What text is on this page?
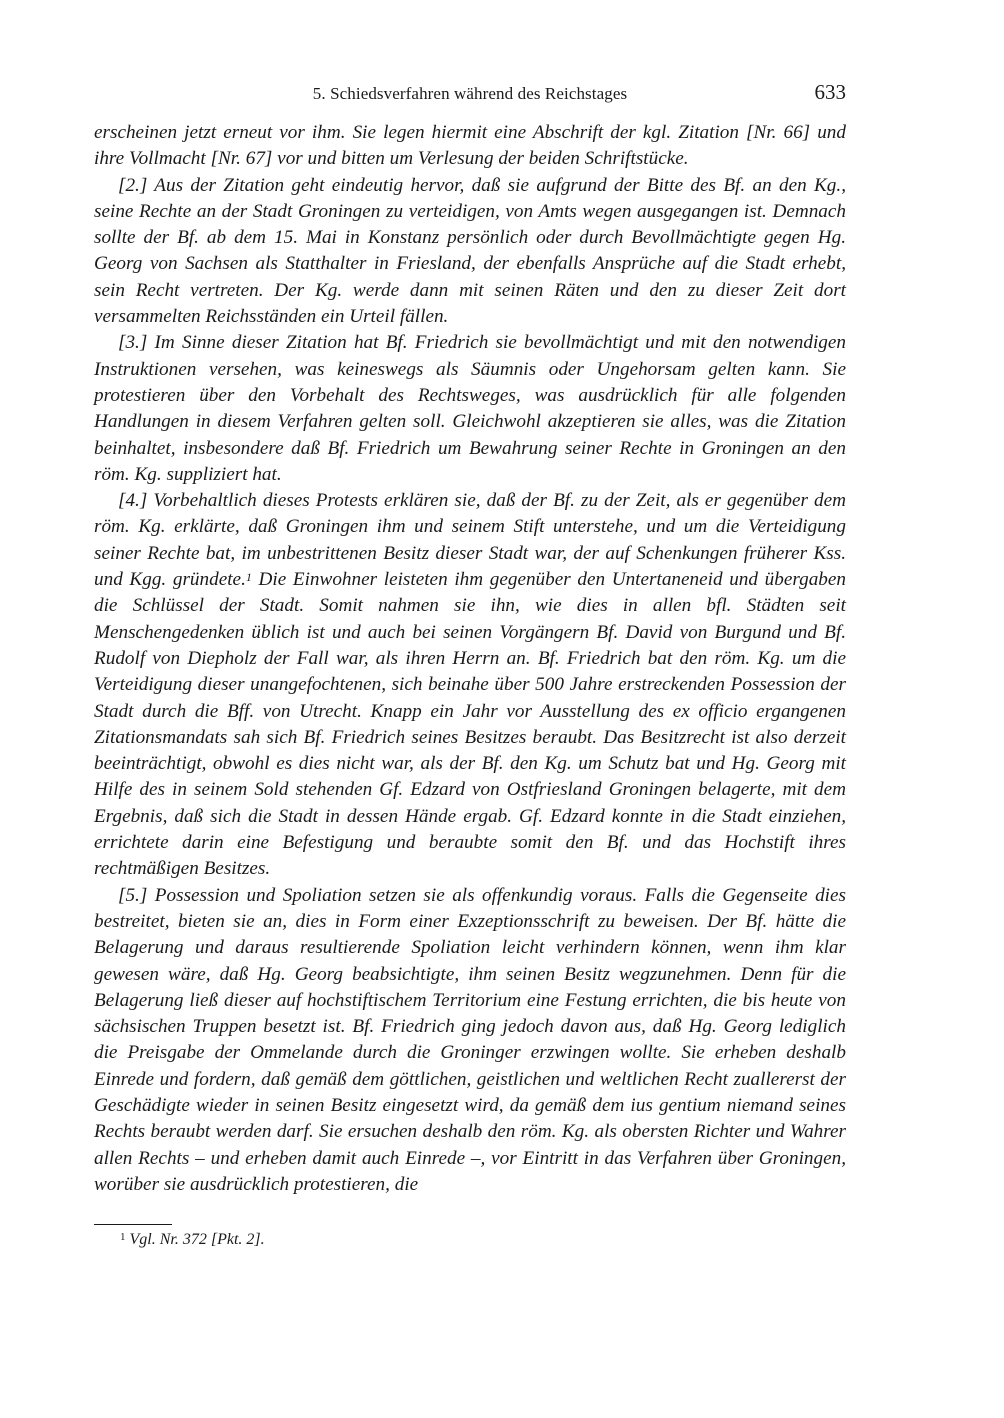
5. Schiedsverfahren während des Reichstages	633

erscheinen jetzt erneut vor ihm. Sie legen hiermit eine Abschrift der kgl. Zitation [Nr. 66] und ihre Vollmacht [Nr. 67] vor und bitten um Verlesung der beiden Schriftstücke.

[2.] Aus der Zitation geht eindeutig hervor, daß sie aufgrund der Bitte des Bf. an den Kg., seine Rechte an der Stadt Groningen zu verteidigen, von Amts wegen ausgegangen ist. Demnach sollte der Bf. ab dem 15. Mai in Konstanz persönlich oder durch Bevollmächtigte gegen Hg. Georg von Sachsen als Statthalter in Friesland, der ebenfalls Ansprüche auf die Stadt erhebt, sein Recht vertreten. Der Kg. werde dann mit seinen Räten und den zu dieser Zeit dort versammelten Reichsständen ein Urteil fällen.

[3.] Im Sinne dieser Zitation hat Bf. Friedrich sie bevollmächtigt und mit den notwendigen Instruktionen versehen, was keineswegs als Säumnis oder Ungehorsam gelten kann. Sie protestieren über den Vorbehalt des Rechtsweges, was ausdrücklich für alle folgenden Handlungen in diesem Verfahren gelten soll. Gleichwohl akzeptieren sie alles, was die Zitation beinhaltet, insbesondere daß Bf. Friedrich um Bewahrung seiner Rechte in Groningen an den röm. Kg. suppliziert hat.

[4.] Vorbehaltlich dieses Protests erklären sie, daß der Bf. zu der Zeit, als er gegenüber dem röm. Kg. erklärte, daß Groningen ihm und seinem Stift unterstehe, und um die Verteidigung seiner Rechte bat, im unbestrittenen Besitz dieser Stadt war, der auf Schenkungen früherer Kss. und Kgg. gründete.$^1$ Die Einwohner leisteten ihm gegenüber den Untertaneneid und übergaben die Schlüssel der Stadt. Somit nahmen sie ihn, wie dies in allen bfl. Städten seit Menschengedenken üblich ist und auch bei seinen Vorgängern Bf. David von Burgund und Bf. Rudolf von Diepholz der Fall war, als ihren Herrn an. Bf. Friedrich bat den röm. Kg. um die Verteidigung dieser unangefochtenen, sich beinahe über 500 Jahre erstreckenden Possession der Stadt durch die Bff. von Utrecht. Knapp ein Jahr vor Ausstellung des ex officio ergangenen Zitationsmandats sah sich Bf. Friedrich seines Besitzes beraubt. Das Besitzrecht ist also derzeit beeinträchtigt, obwohl es dies nicht war, als der Bf. den Kg. um Schutz bat und Hg. Georg mit Hilfe des in seinem Sold stehenden Gf. Edzard von Ostfriesland Groningen belagerte, mit dem Ergebnis, daß sich die Stadt in dessen Hände ergab. Gf. Edzard konnte in die Stadt einziehen, errichtete darin eine Befestigung und beraubte somit den Bf. und das Hochstift ihres rechtmäßigen Besitzes.

[5.] Possession und Spoliation setzen sie als offenkundig voraus. Falls die Gegenseite dies bestreitet, bieten sie an, dies in Form einer Exzeptionsschrift zu beweisen. Der Bf. hätte die Belagerung und daraus resultierende Spoliation leicht verhindern können, wenn ihm klar gewesen wäre, daß Hg. Georg beabsichtigte, ihm seinen Besitz wegzunehmen. Denn für die Belagerung ließ dieser auf hochstiftischem Territorium eine Festung errichten, die bis heute von sächsischen Truppen besetzt ist. Bf. Friedrich ging jedoch davon aus, daß Hg. Georg lediglich die Preisgabe der Ommelande durch die Groninger erzwingen wollte. Sie erheben deshalb Einrede und fordern, daß gemäß dem göttlichen, geistlichen und weltlichen Recht zuallererst der Geschädigte wieder in seinen Besitz eingesetzt wird, da gemäß dem ius gentium niemand seines Rechts beraubt werden darf. Sie ersuchen deshalb den röm. Kg. als obersten Richter und Wahrer allen Rechts – und erheben damit auch Einrede –, vor Eintritt in das Verfahren über Groningen, worüber sie ausdrücklich protestieren, die

$^1$ Vgl. Nr. 372 [Pkt. 2].
